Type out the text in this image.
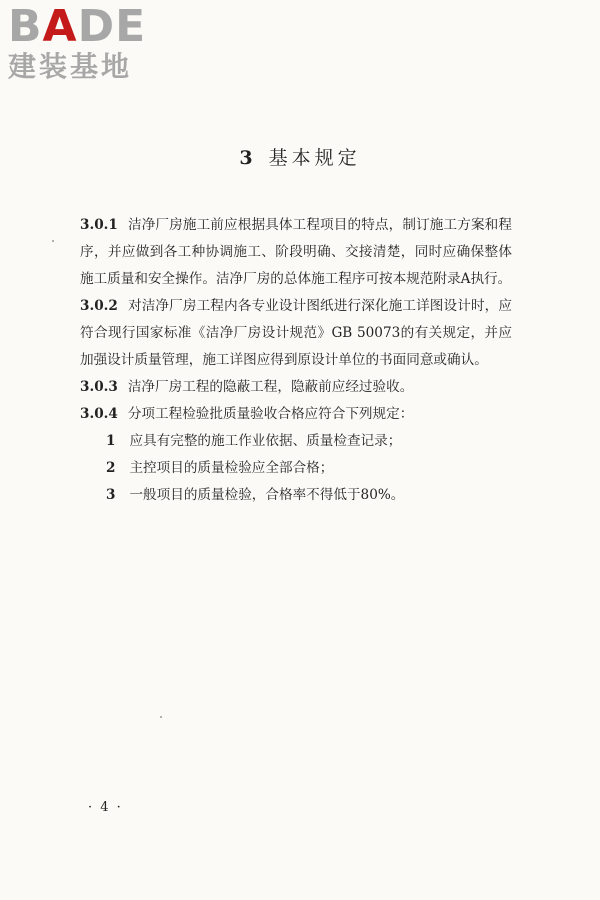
BADE
建装基地
3 基本规定
3.0.1 洁净厂房施工前应根据具体工程项目的特点，制订施工方案和程序，并应做到各工种协调施工、阶段明确、交接清楚，同时应确保整体施工质量和安全操作。洁净厂房的总体施工程序可按本规范附录A执行。
3.0.2 对洁净厂房工程内各专业设计图纸进行深化施工详图设计时，应符合现行国家标准《洁净厂房设计规范》GB 50073的有关规定，并应加强设计质量管理，施工详图应得到原设计单位的书面同意或确认。
3.0.3 洁净厂房工程的隐蔽工程，隐蔽前应经过验收。
3.0.4 分项工程检验批质量验收合格应符合下列规定：
1 应具有完整的施工作业依据、质量检查记录；
2 主控项目的质量检验应全部合格；
3 一般项目的质量检验，合格率不得低于80%。
· 4 ·
